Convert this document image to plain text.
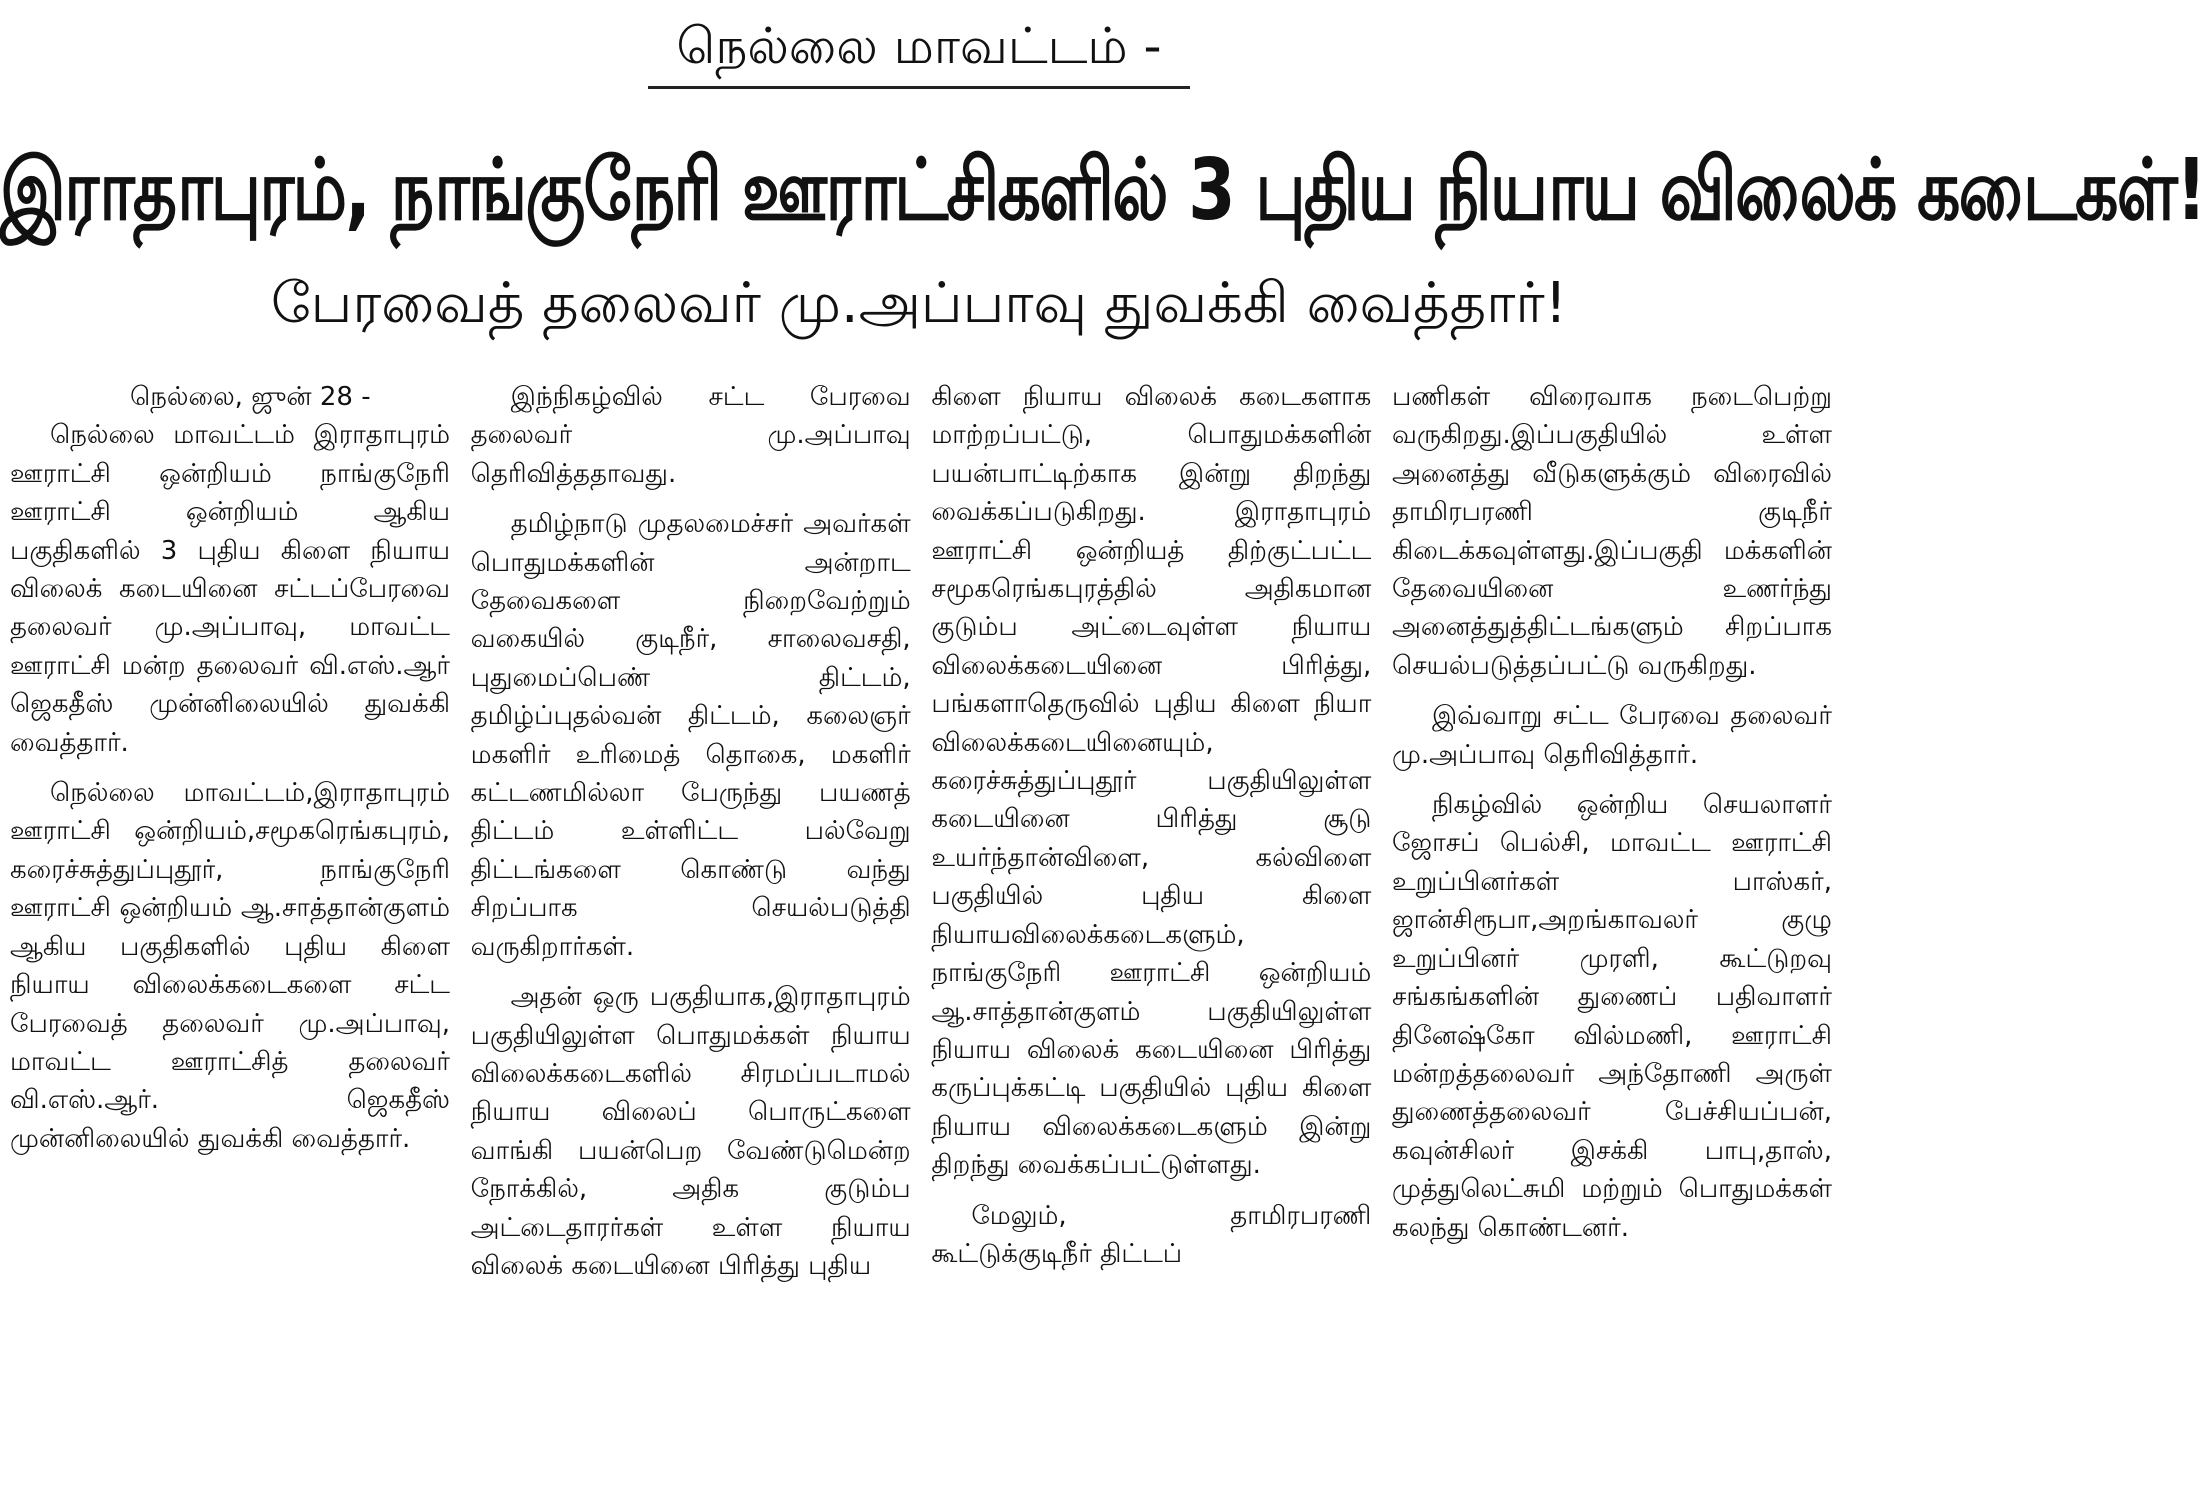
நெல்லை மாவட்டம் -
இராதாபுரம், நாங்குநேரி ஊராட்சிகளில் 3 புதிய நியாய விலைக் கடைகள்!
பேரவைத் தலைவர் மு.அப்பாவு துவக்கி வைத்தார்!

நெல்லை, ஜுன் 28 -

நெல்லை மாவட்டம் இராதாபுரம் ஊராட்சி ஒன்றியம் நாங்குநேரி ஊராட்சி ஒன்றியம் ஆகிய பகுதிகளில் 3 புதிய கிளை நியாய விலைக் கடையினை சட்டப்பேரவை தலைவர் மு.அப்பாவு, மாவட்ட ஊராட்சி மன்ற தலைவர் வி.எஸ்.ஆர் ஜெகதீஸ் முன்னிலையில் துவக்கி வைத்தார்.

நெல்லை மாவட்டம்,இராதாபுரம் ஊராட்சி ஒன்றியம்,சமூகரெங்கபுரம், கரைச்சுத்துப்புதூர், நாங்குநேரி ஊராட்சி ஒன்றியம் ஆ.சாத்தான்குளம் ஆகிய பகுதிகளில் புதிய கிளை நியாய விலைக்கடைகளை சட்ட பேரவைத் தலைவர் மு.அப்பாவு, மாவட்ட ஊராட்சித் தலைவர் வி.எஸ்.ஆர். ஜெகதீஸ் முன்னிலையில் துவக்கி வைத்தார்.

இந்நிகழ்வில் சட்ட பேரவை தலைவர் மு.அப்பாவு தெரிவித்ததாவது.

தமிழ்நாடு முதலமைச்சர் அவர்கள் பொதுமக்களின் அன்றாட தேவைகளை நிறைவேற்றும் வகையில் குடிநீர், சாலைவசதி, புதுமைப்பெண் திட்டம், தமிழ்ப்புதல்வன் திட்டம், கலைஞர் மகளிர் உரிமைத் தொகை, மகளிர் கட்டணமில்லா பேருந்து பயணத் திட்டம் உள்ளிட்ட பல்வேறு திட்டங்களை கொண்டு வந்து சிறப்பாக செயல்படுத்தி வருகிறார்கள்.

அதன் ஒரு பகுதியாக,இராதாபுரம் பகுதியிலுள்ள பொதுமக்கள் நியாய விலைக்கடைகளில் சிரமப்படாமல் நியாய விலைப் பொருட்களை வாங்கி பயன்பெற வேண்டுமென்ற நோக்கில், அதிக குடும்ப அட்டைதாரர்கள் உள்ள நியாய விலைக் கடையினை பிரித்து புதிய

கிளை நியாய விலைக் கடைகளாக மாற்றப்பட்டு, பொதுமக்களின் பயன்பாட்டிற்காக இன்று திறந்து வைக்கப்படுகிறது. இராதாபுரம் ஊராட்சி ஒன்றியத் திற்குட்பட்ட சமூகரெங்கபுரத்தில் அதிகமான குடும்ப அட்டைவுள்ள நியாய விலைக்கடையினை பிரித்து, பங்களாதெருவில் புதிய கிளை நியா விலைக்கடையினையும், கரைச்சுத்துப்புதூர் பகுதியிலுள்ள கடையினை பிரித்து சூடு உயர்ந்தான்விளை, கல்விளை பகுதியில் புதிய கிளை நியாயவிலைக்கடைகளும், நாங்குநேரி ஊராட்சி ஒன்றியம் ஆ.சாத்தான்குளம் பகுதியிலுள்ள நியாய விலைக் கடையினை பிரித்து கருப்புக்கட்டி பகுதியில் புதிய கிளை நியாய விலைக்கடைகளும் இன்று திறந்து வைக்கப்பட்டுள்ளது.

மேலும், தாமிரபரணி கூட்டுக்குடிநீர் திட்டப்

பணிகள் விரைவாக நடைபெற்று வருகிறது.இப்பகுதியில் உள்ள அனைத்து வீடுகளுக்கும் விரைவில் தாமிரபரணி குடிநீர் கிடைக்கவுள்ளது.இப்பகுதி மக்களின் தேவையினை உணர்ந்து அனைத்துத்திட்டங்களும் சிறப்பாக செயல்படுத்தப்பட்டு வருகிறது.

இவ்வாறு சட்ட பேரவை தலைவர் மு.அப்பாவு தெரிவித்தார்.

நிகழ்வில் ஒன்றிய செயலாளர் ஜோசப் பெல்சி, மாவட்ட ஊராட்சி உறுப்பினர்கள் பாஸ்கர், ஜான்சிரூபா,அறங்காவலர் குழு உறுப்பினர் முரளி, கூட்டுறவு சங்கங்களின் துணைப் பதிவாளர் தினேஷ்கோ வில்மணி, ஊராட்சி மன்றத்தலைவர் அந்தோணி அருள் துணைத்தலைவர் பேச்சியப்பன், கவுன்சிலர் இசக்கி பாபு,தாஸ், முத்துலெட்சுமி மற்றும் பொதுமக்கள் கலந்து கொண்டனர்.
